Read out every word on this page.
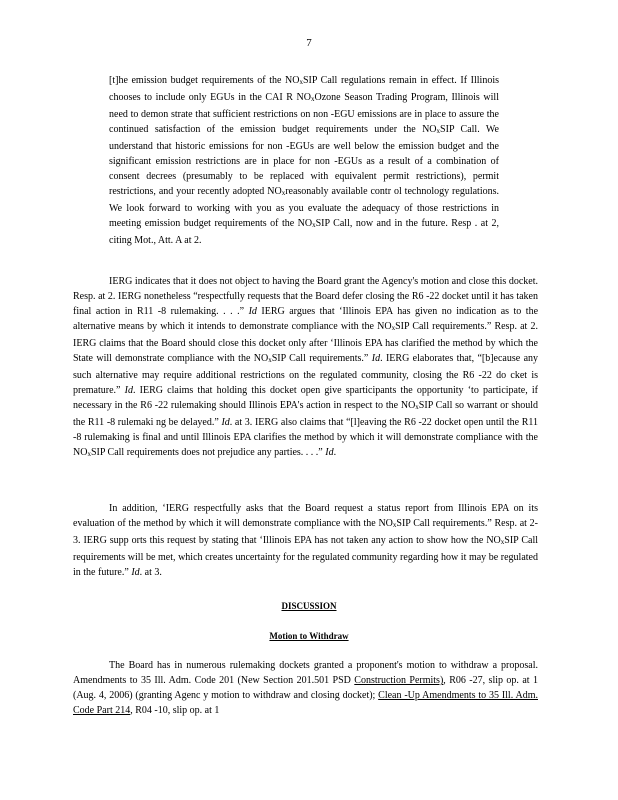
7
[t]he emission budget requirements of the $NO_xSIP$ Call regulations remain in effect. If Illinois chooses to include only EGUs in the CAI R $NO_xOzone$ Season Trading Program, Illinois will need to demon strate that sufficient restrictions on non -EGU emissions are in place to assure the continued satisfaction of the emission budget requirements under the $NO_xSIP$ Call. We understand that historic emissions for non -EGUs are well below the emission budget and the significant emission restrictions are in place for non -EGUs as a result of a combination of consent decrees (presumably to be replaced with equivalent permit restrictions), permit restrictions, and your recently adopted $NO_xreasonably$ available contr ol technology regulations. We look forward to working with you as you evaluate the adequacy of those restrictions in meeting emission budget requirements of the $NO_xSIP$ Call, now and in the future. Resp . at 2, citing Mot., Att. A at 2.
IERG indicates that it does not object to having the Board grant the Agency's motion and close this docket. Resp. at 2. IERG nonetheless “respectfully requests that the Board defer closing the R6 -22 docket until it has taken final action in R11 -8 rulemaking. . . .” Id IERG argues that ‘Illinois EPA has given no indication as to the alternative means by which it intends to demonstrate compliance with the $NO_xSIP$ Call requirements.” Resp. at 2. IERG claims that the Board should close this docket only after ‘Illinois EPA has clarified the method by which the State will demonstrate compliance with the $NO_xSIP$ Call requirements.” Id. IERG elaborates that, “[b]ecause any such alternative may require additional restrictions on the regulated community, closing the R6 -22 do cket is premature.” Id. IERG claims that holding this docket open give sparticipants the opportunity ‘to participate, if necessary in the R6 -22 rulemaking should Illinois EPA's action in respect to the $NO_xSIP$ Call so warrant or should the R11 -8 rulemaki ng be delayed.” Id. at 3. IERG also claims that “[l]eaving the R6 -22 docket open until the R11 -8 rulemaking is final and until Illinois EPA clarifies the method by which it will demonstrate compliance with the $NO_xSIP$ Call requirements does not prejudice any parties. . . .” Id.
In addition, ‘IERG respectfully asks that the Board request a status report from Illinois EPA on its evaluation of the method by which it will demonstrate compliance with the $NO_xSIP$ Call requirements.” Resp. at 2-3. IERG supp orts this request by stating that ‘Illinois EPA has not taken any action to show how the $NO_xSIP$ Call requirements will be met, which creates uncertainty for the regulated community regarding how it may be regulated in the future.” Id. at 3.
DISCUSSION
Motion to Withdraw
The Board has in numerous rulemaking dockets granted a proponent's motion to withdraw a proposal. Amendments to 35 Ill. Adm. Code 201 (New Section 201.501 PSD Construction Permits), R06 -27, slip op. at 1 (Aug. 4, 2006) (granting Agenc y motion to withdraw and closing docket); Clean -Up Amendments to 35 Ill. Adm. Code Part 214, R04 -10, slip op. at 1
